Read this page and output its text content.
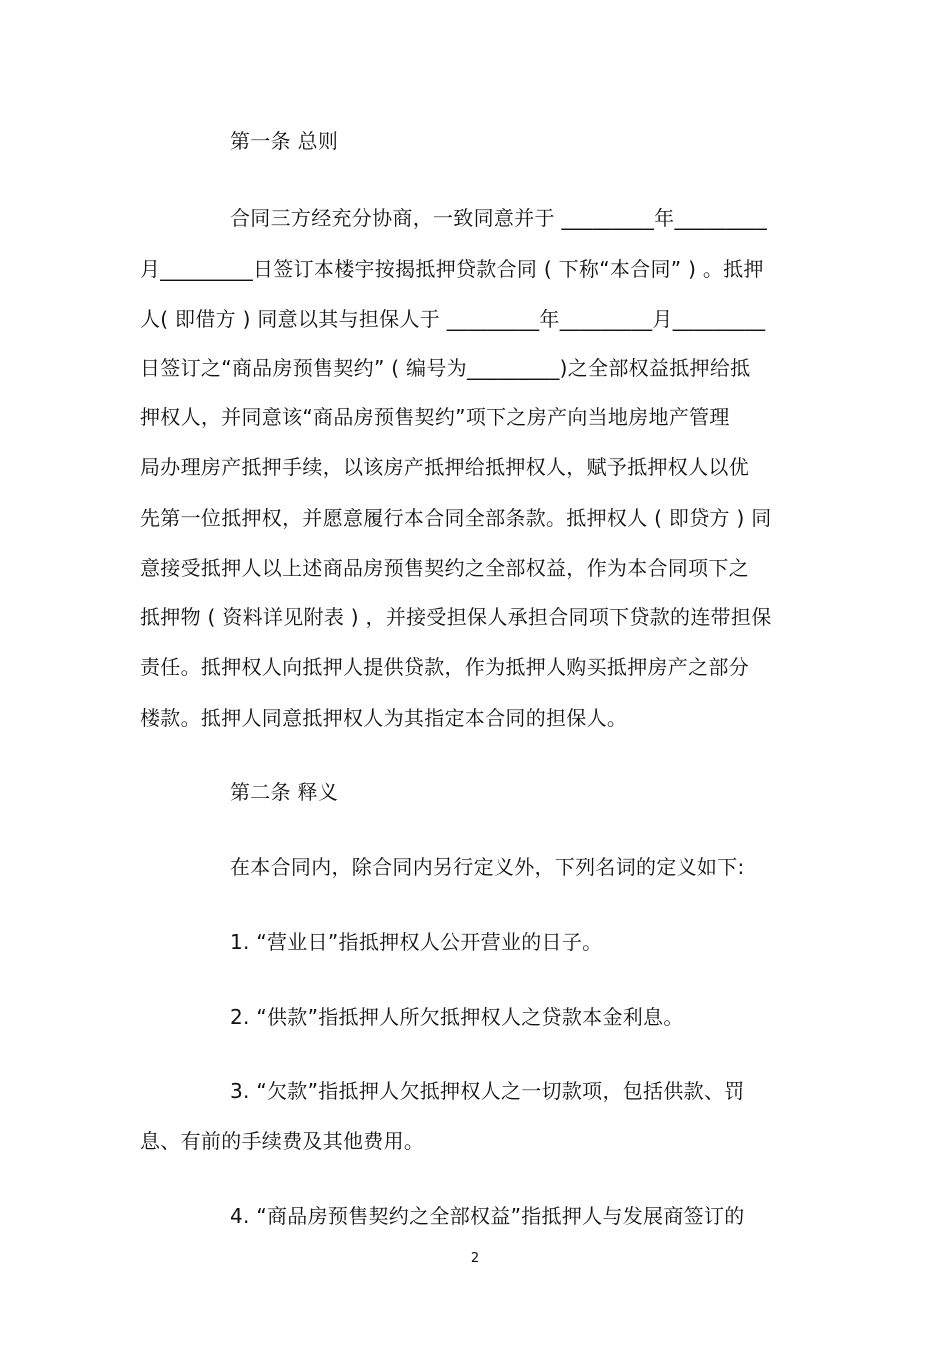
第一条 总则
合同三方经充分协商，一致同意并于 _________年_________
月_________日签订本楼宇按揭抵押贷款合同 ( 下称“本合同” ) 。抵押
人( 即借方 ) 同意以其与担保人于 _________年_________月_________
日签订之“商品房预售契约” ( 编号为_________)之全部权益抵押给抵
押权人，并同意该“商品房预售契约”项下之房产向当地房地产管理
局办理房产抵押手续，以该房产抵押给抵押权人，赋予抵押权人以优
先第一位抵押权，并愿意履行本合同全部条款。抵押权人 ( 即贷方 ) 同
意接受抵押人以上述商品房预售契约之全部权益，作为本合同项下之
抵押物 ( 资料详见附表 ) ，并接受担保人承担合同项下贷款的连带担保
责任。抵押权人向抵押人提供贷款，作为抵押人购买抵押房产之部分
楼款。抵押人同意抵押权人为其指定本合同的担保人。
第二条 释义
在本合同内，除合同内另行定义外，下列名词的定义如下:
1. “营业日”指抵押权人公开营业的日子。
2. “供款”指抵押人所欠抵押权人之贷款本金利息。
3. “欠款”指抵押人欠抵押权人之一切款项，包括供款、罚
息、有前的手续费及其他费用。
4. “商品房预售契约之全部权益”指抵押人与发展商签订的
2
